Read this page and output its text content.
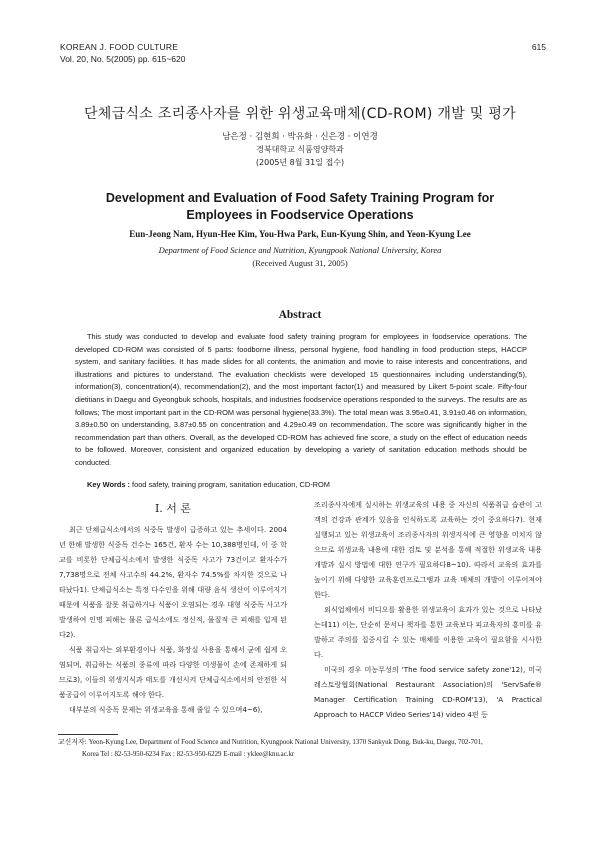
KOREAN J. FOOD CULTURE
Vol. 20, No. 5(2005) pp. 615~620
615
단체급식소 조리종사자를 위한 위생교육매체(CD-ROM) 개발 및 평가
남은정 · 김현희 · 박유화 · 신은경 · 이연경
경북대학교 식품영양학과
(2005년 8월 31일 접수)
Development and Evaluation of Food Safety Training Program for
Employees in Foodservice Operations
Eun-Jeong Nam, Hyun-Hee Kim, You-Hwa Park, Eun-Kyung Shin, and Yeon-Kyung Lee
Department of Food Science and Nutrition, Kyungpook National University, Korea
(Received August 31, 2005)
Abstract

This study was conducted to develop and evaluate food safety training program for employees in foodservice operations. The developed CD-ROM was consisted of 5 parts: foodborne illness, personal hygiene, food handling in food production steps, HACCP system, and sanitary facilities. It has made slides for all contents, the animation and movie to raise interests and concentrations, and illustrations and pictures to understand. The evaluation checklists were developed 15 questionnaires including understanding(5), information(3), concentration(4), recommendation(2), and the most important factor(1) and measured by Likert 5-point scale. Fifty-four dietitians in Daegu and Gyeongbuk schools, hospitals, and industries foodservice operations responded to the surveys. The results are as follows; The most important part in the CD-ROM was personal hygiene(33.3%). The total mean was 3.95±0.41, 3.91±0.46 on information, 3.89±0.50 on understanding, 3.87±0.55 on concentration and 4.29±0.49 on recommendation. The score was significantly higher in the recommendation part than others. Overall, as the developed CD-ROM has achieved fine score, a study on the effect of education needs to be followed. Moreover, consistent and organized education by developing a variety of sanitation education methods should be conducted.

Key Words : food safety, training program, sanitation education, CD-ROM
I. 서 론

최근 단체급식소에서의 식중독 발생이 급증하고 있는 추세이다. 2004년 한해 발생한 식중독 건수는 165건, 환자 수는 10,388명인데, 이 중 학교를 비롯한 단체급식소에서 발생한 식중독 사고가 73건이고 환자수가 7,738명으로 전체 사고수의 44.2%, 환자수 74.5%를 차지한 것으로 나타났다1). 단체급식소는 특정 다수인을 위해 대량 음식 생산이 이루어지기 때문에 식품을 잘못 취급하거나 식품이 오염되는 경우 대형 식중독 사고가 발생하여 인명 피해는 물론 급식소에도 정신적, 물질적 큰 피해를 입게 된다2).

식품 취급자는 외부환경이나 식품, 화장실 사용을 통해서 균에 쉽게 오염되며, 취급하는 식품의 종류에 따라 다양한 미생물이 손에 존재하게 되므로3), 이들의 위생지식과 태도를 개선시켜 단체급식소에서의 안전한 식품공급이 이루어지도록 해야 한다.

대부분의 식중독 문제는 위생교육을 통해 줄일 수 있으며4~6),

조리종사자에게 실시하는 위생교육의 내용 중 자신의 식품취급 습관이 고객의 건강과 관계가 있음을 인식하도록 교육하는 것이 중요하다7). 현재 실행되고 있는 위생교육이 조리종사자의 위생지식에 큰 영향을 미치지 않으므로 위생교육 내용에 대한 검토 및 분석을 통해 적절한 위생교육 내용 개발과 실시 방법에 대한 연구가 필요하다8~10). 따라서 교육의 효과를 높이기 위해 다양한 교육훈련프로그램과 교육 매체의 개발이 이루어져야 한다.

외식업체에서 비디오를 활용한 위생교육이 효과가 있는 것으로 나타났는데11) 이는, 단순히 문서나 책자를 통한 교육보다 피교육자의 흥미를 유발하고 주의를 집중시킬 수 있는 매체를 이용한 교육이 필요함을 시사한다.

미국의 경우 미농무성의 'The food service safety zone'12), 미국레스토랑협회(National Restaurant Association)의 'ServSafe® Manager Certification Training CD-ROM'13), 'A Practical Approach to HACCP Video Series'14) video 4편 등

교신저자: Yeon-Kyung Lee, Department of Food Science and Nutrition, Kyungpook National University, 1370 Sankyuk Dong, Buk-ku, Daegu, 702-701,
Korea Tel : 82-53-950-6234 Fax : 82-53-950-6229 E-mail : yklee@knu.ac.kr
